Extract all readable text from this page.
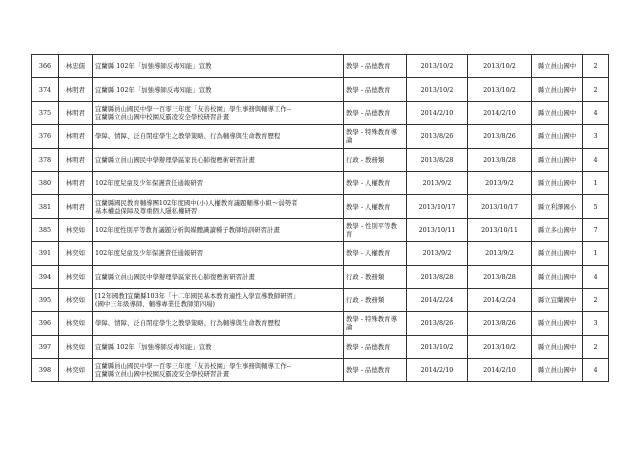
366	林忠儒	宜蘭縣 102年「加強導師反毒知能」宣教	教學 - 品德教育	2013/10/2	2013/10/2	縣立員山國中	2
374	林明君	宜蘭縣 102年「加強導師反毒知能」宣教	教學 - 品德教育	2013/10/2	2013/10/2	縣立員山國中	2
375	林明君	宜蘭縣員山國民中學一百零三年度「友善校園」學生事務與輔導工作--
宜蘭縣立員山國中校園反霸凌安全學校研習計畫	教學 - 品德教育	2014/2/10	2014/2/10	縣立員山國中	4
376	林明君	學障、情障、泛自閉症學生之教學策略、行為輔導與生命教育歷程	教學 - 特殊教育導
論	2013/8/26	2013/8/26	縣立員山國中	3
378	林明君	宜蘭縣立員山國民中學辦理學區家長心肺復甦術研習計畫	行政 - 教務類	2013/8/28	2013/8/28	縣立員山國中	4
380	林明君	102年度兒童及少年保護責任通報研習	教學 - 人權教育	2013/9/2	2013/9/2	縣立員山國中	1
381	林明君	宜蘭縣國民教育輔導團102年度國中(小)人權教育議題輔導小組～弱勢者
基本權益保障及尊重個人隱私權研習	教學 - 人權教育	2013/10/17	2013/10/17	縣立利澤國小	5
385	林奕如	102年度性別平等教育議題分析與媒體識讀種子教師培訓研習計畫	教學 - 性別平等教
育	2013/10/11	2013/10/11	縣立多山國中	7
391	林奕如	102年度兒童及少年保護責任通報研習	教學 - 人權教育	2013/9/2	2013/9/2	縣立員山國中	1
394	林奕如	宜蘭縣立員山國民中學辦理學區家長心肺復甦術研習計畫	行政 - 教務類	2013/8/28	2013/8/28	縣立員山國中	4
395	林奕如	[12年國教]宜蘭縣103年「十二年國民基本教育適性入學宣導教師研習」
(國中三年級導師、輔導專業任教師第四場)	行政 - 教務類	2014/2/24	2014/2/24	縣立宜蘭國中	2
396	林奕如	學障、情障、泛自閉症學生之教學策略、行為輔導與生命教育歷程	教學 - 特殊教育導
論	2013/8/26	2013/8/26	縣立員山國中	3
397	林奕如	宜蘭縣 102年「加強導師反毒知能」宣教	教學 - 品德教育	2013/10/2	2013/10/2	縣立員山國中	2
398	林奕如	宜蘭縣員山國民中學一百零三年度「友善校園」學生事務與輔導工作--
宜蘭縣立員山國中校園反霸凌安全學校研習計畫	教學 - 品德教育	2014/2/10	2014/2/10	縣立員山國中	4
